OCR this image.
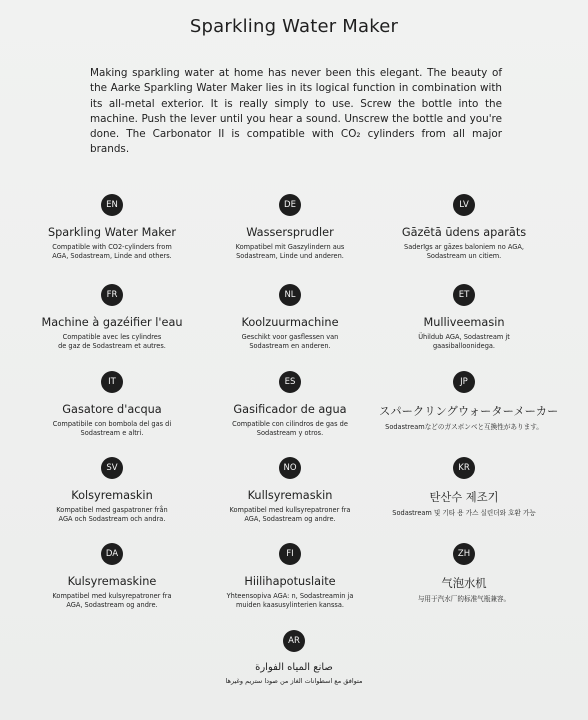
Sparkling Water Maker
Making sparkling water at home has never been this elegant. The beauty of the Aarke Sparkling Water Maker lies in its logical function in combination with its all-metal exterior. It is really simply to use. Screw the bottle into the machine. Push the lever until you hear a sound. Unscrew the bottle and you're done. The Carbonator II is compatible with CO₂ cylinders from all major brands.
EN
Sparkling Water Maker
Compatible with CO2-cylinders from
AGA, Sodastream, Linde and others.
DE
Wassersprudler
Kompatibel mit Gaszylindern aus
Sodastream, Linde und anderen.
LV
Gāzētā ūdens aparāts
Saderīgs ar gāzes baloniem no AGA,
Sodastream un citiem.
FR
Machine à gazéifier l'eau
Compatible avec les cylindres
de gaz de Sodastream et autres.
NL
Koolzuurmachine
Geschikt voor gasflessen van
Sodastream en anderen.
ET
Mulliveemasin
Ühildub AGA, Sodastream jt
gaasiballoonidega.
IT
Gasatore d'acqua
Compatibile con bombola del gas di
Sodastream e altri.
ES
Gasificador de agua
Compatible con cilindros de gas de
Sodastream y otros.
JP
スパークリングウォーターメーカー
Sodastreamなどのガスボンベと互換性があります。
SV
Kolsyremaskin
Kompatibel med gaspatroner från
AGA och Sodastream och andra.
NO
Kullsyremaskin
Kompatibel med kullsyrepatroner fra
AGA, Sodastream og andre.
KR
탄산수 제조기
Sodastream 및 기타 용 가스 실린더와 호환 가능
DA
Kulsyremaskine
Kompatibel med kulsyrepatroner fra
AGA, Sodastream og andre.
FI
Hiilihapotuslaite
Yhteensopiva AGA: n, Sodastreamin ja
muiden kaasusylinterien kanssa.
ZH
气泡水机
与用于汽水厂的标准气瓶兼容。
AR
صانع المياه الفوارة
متوافق مع اسطوانات الغاز من صودا ستريم وغيرها
